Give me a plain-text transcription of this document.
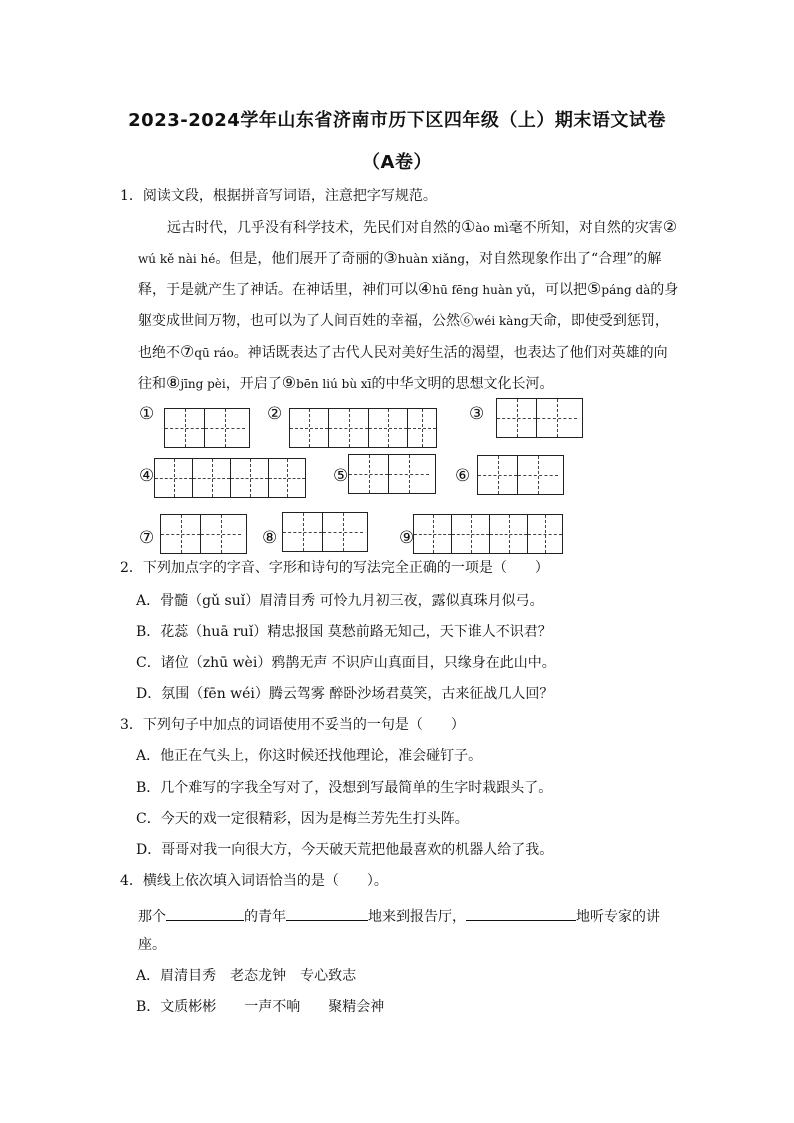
2023-2024学年山东省济南市历下区四年级（上）期末语文试卷
（A卷）
1．阅读文段，根据拼音写词语，注意把字写规范。
远古时代，几乎没有科学技术，先民们对自然的①ào mì毫不所知，对自然的灾害②
wú kě nài hé。但是，他们展开了奇丽的③huàn xiǎng，对自然现象作出了“合理”的解
释，于是就产生了神话。在神话里，神们可以④hū fēng huàn yǔ，可以把⑤páng dà的身
躯变成世间万物，也可以为了人间百姓的幸福，公然⑥wéi kàng天命，即使受到惩罚，
也绝不⑦qū ráo。神话既表达了古代人民对美好生活的渴望，也表达了他们对英雄的向
往和⑧jīng pèi，开启了⑨bēn liú bù xī的中华文明的思想文化长河。
①	②	③
④	⑤	⑥
⑦	⑧	⑨
2．下列加点字的字音、字形和诗句的写法完全正确的一项是（　　）
A．骨髓（gǔ suǐ）眉清目秀 可怜九月初三夜，露似真珠月似弓。
B．花蕊（huā ruǐ）精忠报国 莫愁前路无知己，天下谁人不识君？
C．诸位（zhū wèi）鸦鹊无声 不识庐山真面目，只缘身在此山中。
D．氛围（fēn wéi）腾云驾雾 醉卧沙场君莫笑，古来征战几人回？
3．下列句子中加点的词语使用不妥当的一句是（　　）
A．他正在气头上，你这时候还找他理论，准会碰钉子。
B．几个难写的字我全写对了，没想到写最简单的生字时栽跟头了。
C．今天的戏一定很精彩，因为是梅兰芳先生打头阵。
D．哥哥对我一向很大方，今天破天荒把他最喜欢的机器人给了我。
4．横线上依次填入词语恰当的是（　　）。
那个	的青年	地来到报告厅，	地听专家的讲
座。
A．眉清目秀　老态龙钟　专心致志
B．文质彬彬　　一声不响　　聚精会神
